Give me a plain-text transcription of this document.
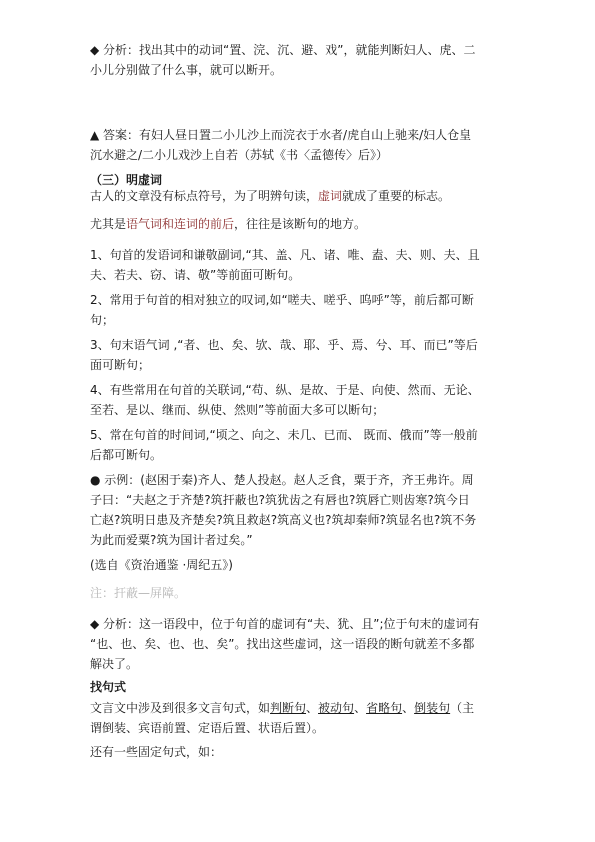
◆ 分析：找出其中的动词“置、浣、沉、避、戏”，就能判断妇人、虎、二
小儿分别做了什么事，就可以断开。

▲ 答案：有妇人昼日置二小儿沙上而浣衣于水者/虎自山上驰来/妇人仓皇
沉水避之/二小儿戏沙上自若（苏轼《书〈孟德传〉后》）

（三）明虚词

古人的文章没有标点符号，为了明辨句读，虚词就成了重要的标志。

尤其是语气词和连词的前后，往往是该断句的地方。

1、句首的发语词和谦敬副词,“其、盖、凡、诸、唯、盍、夫、则、夫、且
夫、若夫、窃、请、敬”等前面可断句。

2、常用于句首的相对独立的叹词,如“嗟夫、嗟乎、呜呼”等，前后都可断
句；

3、句末语气词 ,“者、也、矣、欤、哉、耶、乎、焉、兮、耳、而已”等后
面可断句；

4、有些常用在句首的关联词,“苟、纵、是故、于是、向使、然而、无论、
至若、是以、继而、纵使、然则”等前面大多可以断句；

5、常在句首的时间词,“顷之、向之、未几、已而、 既而、俄而”等一般前
后都可断句。

● 示例：(赵困于秦)齐人、楚人投赵。赵人乏食，粟于齐，齐王弗许。周
子曰：“夫赵之于齐楚?筑扞蔽也?筑犹齿之有唇也?筑唇亡则齿寒?筑今日
亡赵?筑明日患及齐楚矣?筑且救赵?筑高义也?筑却秦师?筑显名也?筑不务
为此而爱粟?筑为国计者过矣。”

(选自《资治通鉴 ·周纪五》)

注：扞蔽—屏障。

◆ 分析：这一语段中，位于句首的虚词有“夫、犹、且”;位于句末的虚词有
“也、也、矣、也、也、矣”。找出这些虚词，这一语段的断句就差不多都
解决了。

找句式

文言文中涉及到很多文言句式，如判断句、被动句、省略句、倒装句（主
谓倒装、宾语前置、定语后置、状语后置）。

还有一些固定句式，如：
